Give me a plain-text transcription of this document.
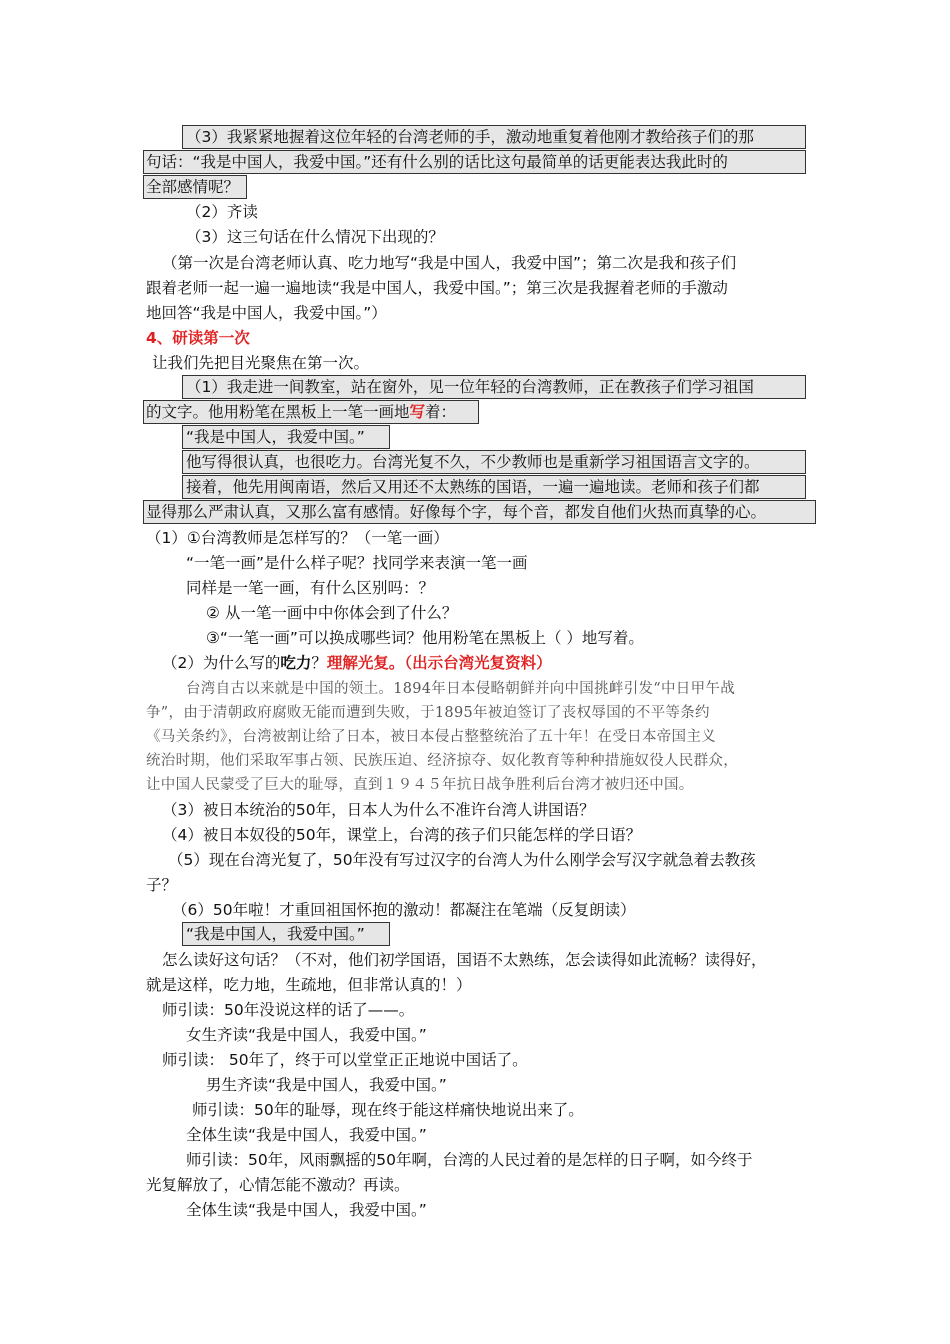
（3）我紧紧地握着这位年轻的台湾老师的手，激动地重复着他刚才教给孩子们的那
句话：“我是中国人，我爱中国。”还有什么别的话比这句最简单的话更能表达我此时的
全部感情呢？
（2）齐读
（3）这三句话在什么情况下出现的？
（第一次是台湾老师认真、吃力地写“我是中国人，我爱中国”；第二次是我和孩子们
跟着老师一起一遍一遍地读“我是中国人，我爱中国。”；第三次是我握着老师的手激动
地回答“我是中国人，我爱中国。”）
4、研读第一次
让我们先把目光聚焦在第一次。
（1）我走进一间教室，站在窗外，见一位年轻的台湾教师，正在教孩子们学习祖国
的文字。他用粉笔在黑板上一笔一画地写着：
“我是中国人，我爱中国。”
他写得很认真，也很吃力。台湾光复不久，不少教师也是重新学习祖国语言文字的。
接着，他先用闽南语，然后又用还不太熟练的国语，一遍一遍地读。老师和孩子们都
显得那么严肃认真，又那么富有感情。好像每个字，每个音，都发自他们火热而真挚的心。
（1）①台湾教师是怎样写的？（一笔一画）
“一笔一画”是什么样子呢？找同学来表演一笔一画
同样是一笔一画，有什么区别吗：？
② 从一笔一画中中你体会到了什么？
③“一笔一画”可以换成哪些词？他用粉笔在黑板上（ ）地写着。
（2）为什么写的吃力？理解光复。（出示台湾光复资料）
台湾自古以来就是中国的领土。1894年日本侵略朝鲜并向中国挑衅引发“中日甲午战
争”，由于清朝政府腐败无能而遭到失败，于1895年被迫签订了丧权辱国的不平等条约
《马关条约》，台湾被割让给了日本，被日本侵占整整统治了五十年！在受日本帝国主义
统治时期，他们采取军事占领、民族压迫、经济掠夺、奴化教育等种种措施奴役人民群众，
让中国人民蒙受了巨大的耻辱，直到１９４５年抗日战争胜利后台湾才被归还中国。
（3）被日本统治的50年，日本人为什么不准许台湾人讲国语？
（4）被日本奴役的50年，课堂上，台湾的孩子们只能怎样的学日语？
（5）现在台湾光复了，50年没有写过汉字的台湾人为什么刚学会写汉字就急着去教孩
子？
（6）50年啦！才重回祖国怀抱的激动！都凝注在笔端（反复朗读）
“我是中国人，我爱中国。”
怎么读好这句话？（不对，他们初学国语，国语不太熟练，怎会读得如此流畅？读得好，
就是这样，吃力地，生疏地，但非常认真的！）
师引读：50年没说这样的话了——。
女生齐读“我是中国人，我爱中国。”
师引读： 50年了，终于可以堂堂正正地说中国话了。
男生齐读“我是中国人，我爱中国。”
师引读：50年的耻辱，现在终于能这样痛快地说出来了。
全体生读“我是中国人，我爱中国。”
师引读：50年，风雨飘摇的50年啊，台湾的人民过着的是怎样的日子啊，如今终于
光复解放了，心情怎能不激动？再读。
全体生读“我是中国人，我爱中国。”
